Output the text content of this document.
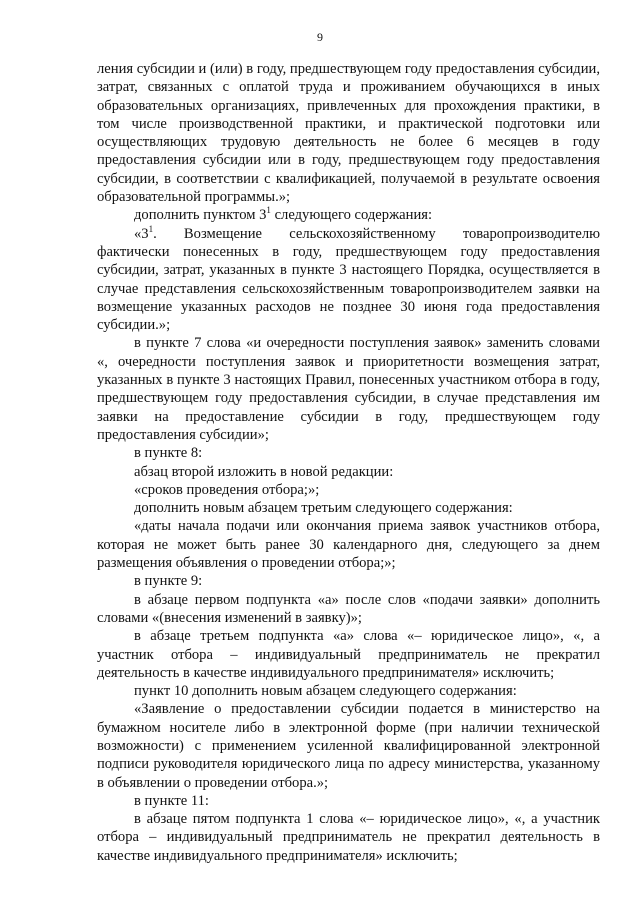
9

ления субсидии и (или) в году, предшествующем году предоставления субсидии, затрат, связанных с оплатой труда и проживанием обучающихся в иных образовательных организациях, привлеченных для прохождения практики, в том числе производственной практики, и практической подготовки или осуществляющих трудовую деятельность не более 6 месяцев в году предоставления субсидии или в году, предшествующем году предоставления субсидии, в соответствии с квалификацией, получаемой в результате освоения образовательной программы.»;

дополнить пунктом $3^1$ следующего содержания:

«$3^1$. Возмещение сельскохозяйственному товаропроизводителю фактически понесенных в году, предшествующем году предоставления субсидии, затрат, указанных в пункте 3 настоящего Порядка, осуществляется в случае представления сельскохозяйственным товаропроизводителем заявки на возмещение указанных расходов не позднее 30 июня года предоставления субсидии.»;

в пункте 7 слова «и очередности поступления заявок» заменить словами «, очередности поступления заявок и приоритетности возмещения затрат, указанных в пункте 3 настоящих Правил, понесенных участником отбора в году, предшествующем году предоставления субсидии, в случае представления им заявки на предоставление субсидии в году, предшествующем году предоставления субсидии»;

в пункте 8:

абзац второй изложить в новой редакции:

«сроков проведения отбора;»;

дополнить новым абзацем третьим следующего содержания:

«даты начала подачи или окончания приема заявок участников отбора, которая не может быть ранее 30 календарного дня, следующего за днем размещения объявления о проведении отбора;»;

в пункте 9:

в абзаце первом подпункта «а» после слов «подачи заявки» дополнить словами «(внесения изменений в заявку)»;

в абзаце третьем подпункта «а» слова «– юридическое лицо», «, а участник отбора – индивидуальный предприниматель не прекратил деятельность в качестве индивидуального предпринимателя» исключить;

пункт 10 дополнить новым абзацем следующего содержания:

«Заявление о предоставлении субсидии подается в министерство на бумажном носителе либо в электронной форме (при наличии технической возможности) с применением усиленной квалифицированной электронной подписи руководителя юридического лица по адресу министерства, указанному в объявлении о проведении отбора.»;

в пункте 11:

в абзаце пятом подпункта 1 слова «– юридическое лицо», «, а участник отбора – индивидуальный предприниматель не прекратил деятельность в качестве индивидуального предпринимателя» исключить;
